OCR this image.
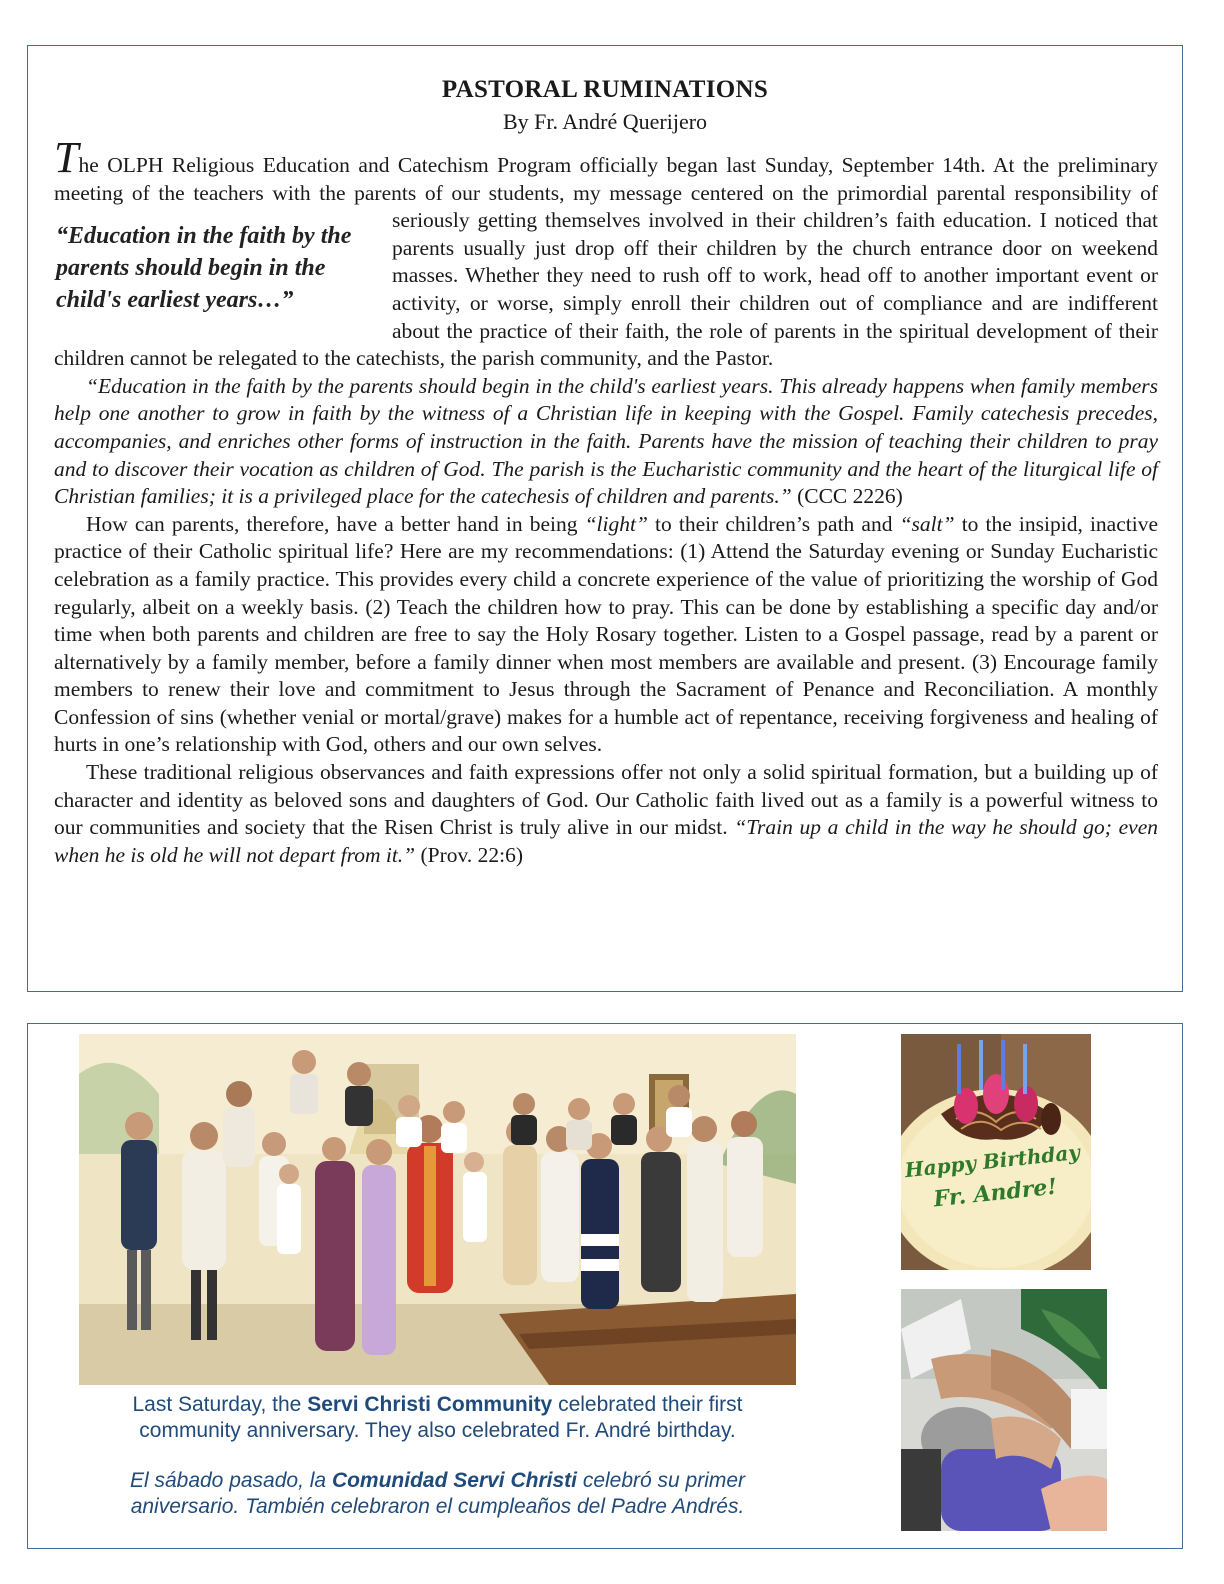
PASTORAL RUMINATIONS
By Fr. André Querijero

The OLPH Religious Education and Catechism Program officially began last Sunday, September 14th. At the preliminary meeting of the teachers with the parents of our students, my message centered on the primordial
“Education in the faith by the parents should begin in the child's earliest years…”
parental responsibility of seriously getting themselves involved in their children’s faith education. I noticed that parents usually just drop off their children by the church entrance door on weekend masses. Whether they need to rush off to work, head off to another important event or activity, or worse, simply enroll their children out of compliance and are indifferent about the practice of their faith, the role of parents in the spiritual development of their children cannot be relegated to the catechists, the parish community, and the Pastor.

“Education in the faith by the parents should begin in the child's earliest years. This already happens when family members help one another to grow in faith by the witness of a Christian life in keeping with the Gospel. Family catechesis precedes, accompanies, and enriches other forms of instruction in the faith. Parents have the mission of teaching their children to pray and to discover their vocation as children of God. The parish is the Eucharistic community and the heart of the liturgical life of Christian families; it is a privileged place for the catechesis of children and parents.” (CCC 2226)

How can parents, therefore, have a better hand in being “light” to their children’s path and “salt” to the insipid, inactive practice of their Catholic spiritual life? Here are my recommendations: (1) Attend the Saturday evening or Sunday Eucharistic celebration as a family practice. This provides every child a concrete experience of the value of prioritizing the worship of God regularly, albeit on a weekly basis. (2) Teach the children how to pray. This can be done by establishing a specific day and/or time when both parents and children are free to say the Holy Rosary together. Listen to a Gospel passage, read by a parent or alternatively by a family member, before a family dinner when most members are available and present. (3) Encourage family members to renew their love and commitment to Jesus through the Sacrament of Penance and Reconciliation. A monthly Confession of sins (whether venial or mortal/grave) makes for a humble act of repentance, receiving forgiveness and healing of hurts in one’s relationship with God, others and our own selves.

These traditional religious observances and faith expressions offer not only a solid spiritual formation, but a building up of character and identity as beloved sons and daughters of God. Our Catholic faith lived out as a family is a powerful witness to our communities and society that the Risen Christ is truly alive in our midst. “Train up a child in the way he should go; even when he is old he will not depart from it.” (Prov. 22:6)

Happy Birthday
Fr. Andre!

Last Saturday, the Servi Christi Community celebrated their first community anniversary. They also celebrated Fr. André birthday.

El sábado pasado, la Comunidad Servi Christi celebró su primer aniversario. También celebraron el cumpleaños del Padre Andrés.
